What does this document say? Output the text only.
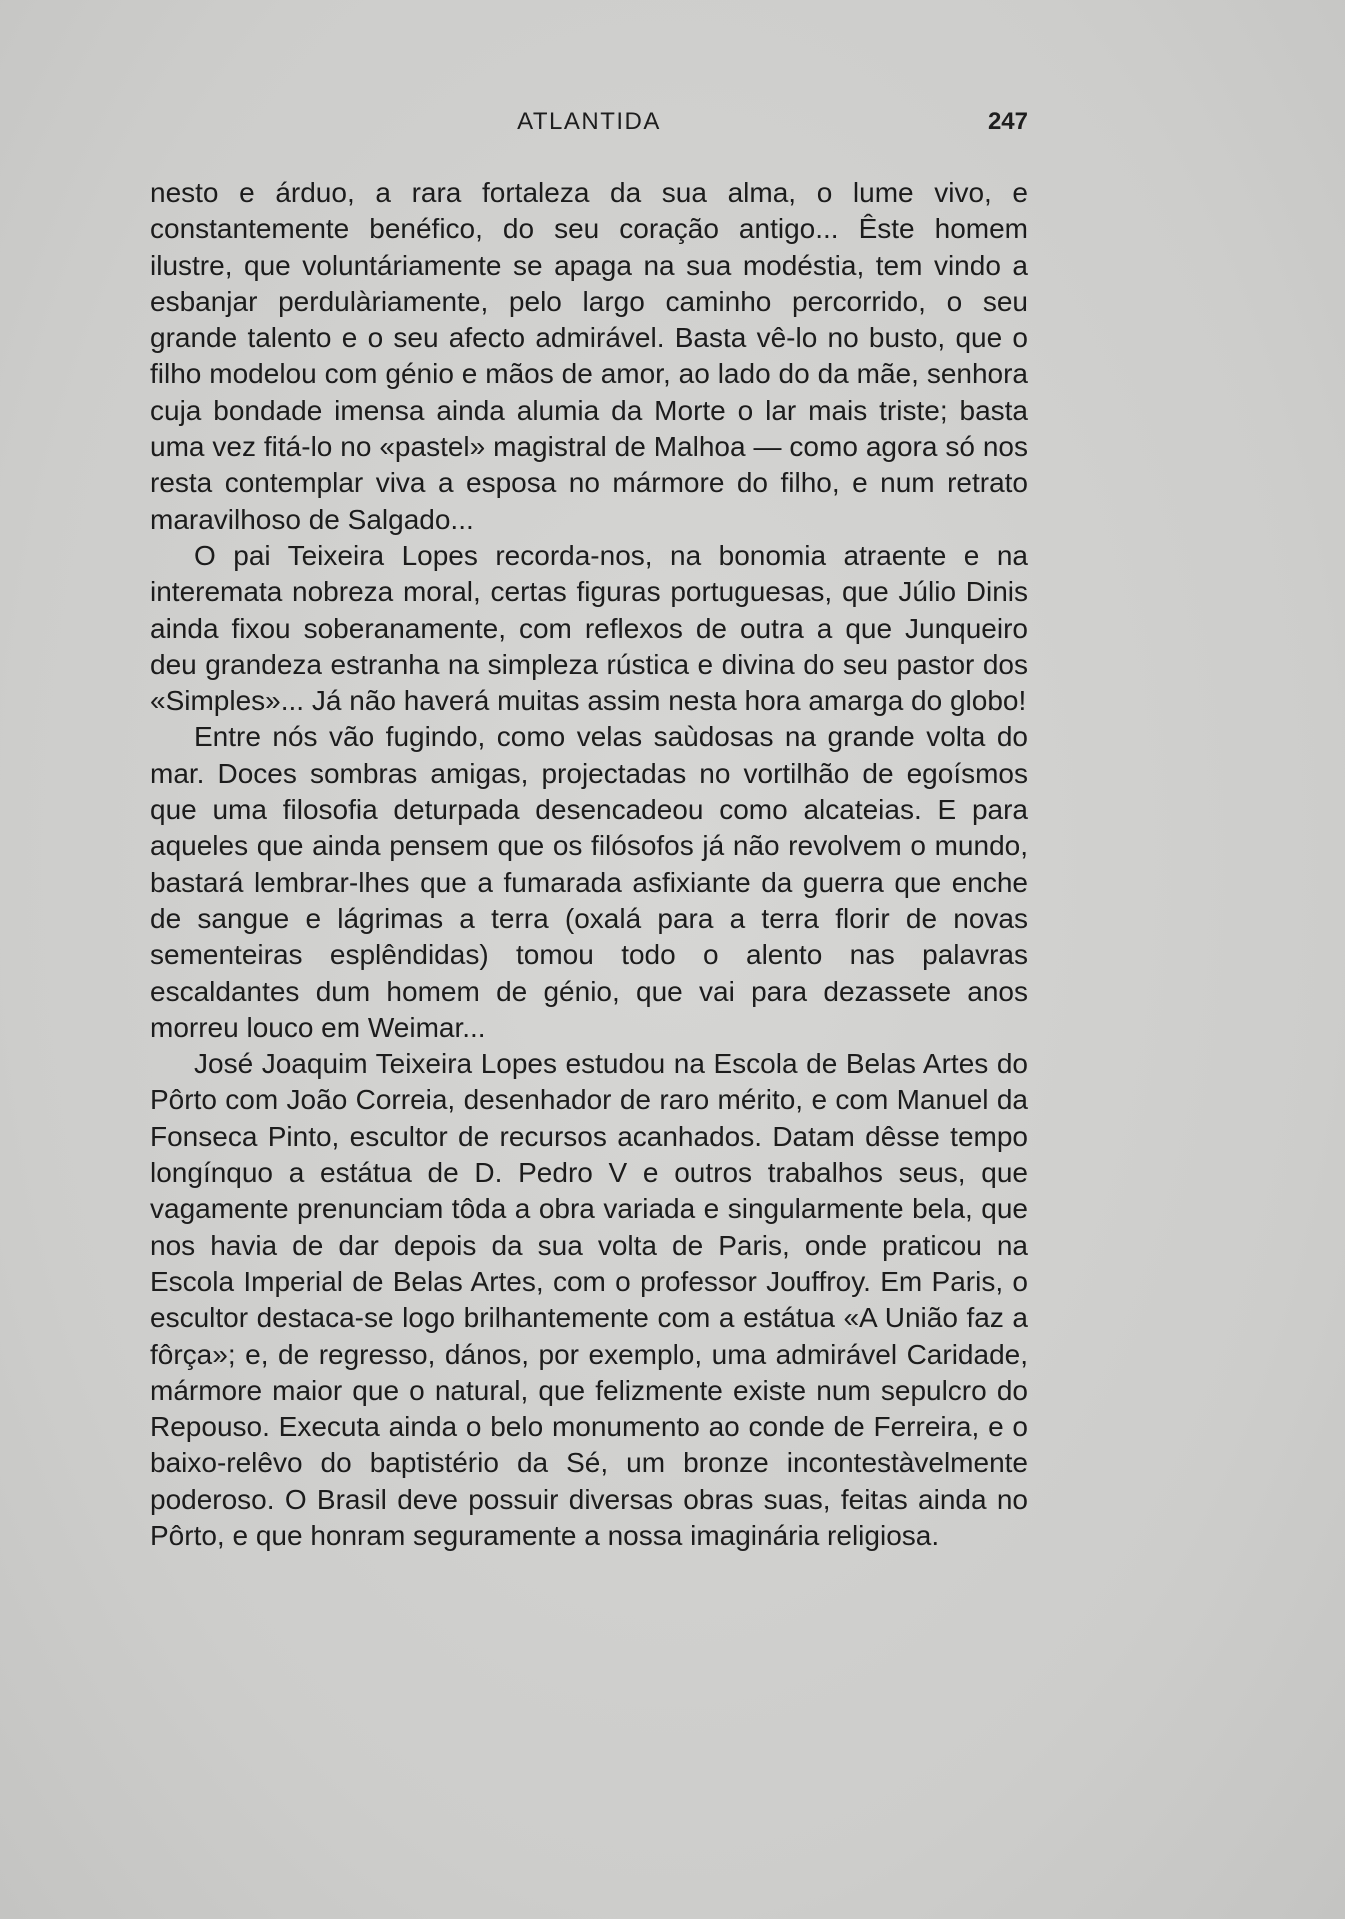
ATLANTIDA	247

nesto e árduo, a rara fortaleza da sua alma, o lume vivo, e constantemente benéfico, do seu coração antigo... Êste homem ilustre, que voluntáriamente se apaga na sua modéstia, tem vindo a esbanjar perdulàriamente, pelo largo caminho percorrido, o seu grande talento e o seu afecto admirável. Basta vê-lo no busto, que o filho modelou com génio e mãos de amor, ao lado do da mãe, senhora cuja bondade imensa ainda alumia da Morte o lar mais triste; basta uma vez fitá-lo no «pastel» magistral de Malhoa — como agora só nos resta contemplar viva a esposa no mármore do filho, e num retrato maravilhoso de Salgado...

O pai Teixeira Lopes recorda-nos, na bonomia atraente e na interemata nobreza moral, certas figuras portuguesas, que Júlio Dinis ainda fixou soberanamente, com reflexos de outra a que Junqueiro deu grandeza estranha na simpleza rústica e divina do seu pastor dos «Simples»... Já não haverá muitas assim nesta hora amarga do globo!

Entre nós vão fugindo, como velas saùdosas na grande volta do mar. Doces sombras amigas, projectadas no vortilhão de egoísmos que uma filosofia deturpada desencadeou como alcateias. E para aqueles que ainda pensem que os filósofos já não revolvem o mundo, bastará lembrar-lhes que a fumarada asfixiante da guerra que enche de sangue e lágrimas a terra (oxalá para a terra florir de novas sementeiras esplêndidas) tomou todo o alento nas palavras escaldantes dum homem de génio, que vai para dezassete anos morreu louco em Weimar...

José Joaquim Teixeira Lopes estudou na Escola de Belas Artes do Pôrto com João Correia, desenhador de raro mérito, e com Manuel da Fonseca Pinto, escultor de recursos acanhados. Datam dêsse tempo longínquo a estátua de D. Pedro V e outros trabalhos seus, que vagamente prenunciam tôda a obra variada e singularmente bela, que nos havia de dar depois da sua volta de Paris, onde praticou na Escola Imperial de Belas Artes, com o professor Jouffroy. Em Paris, o escultor destaca-se logo brilhantemente com a estátua «A União faz a fôrça»; e, de regresso, dános, por exemplo, uma admirável Caridade, mármore maior que o natural, que felizmente existe num sepulcro do Repouso. Executa ainda o belo monumento ao conde de Ferreira, e o baixo-relêvo do baptistério da Sé, um bronze incontestàvelmente poderoso. O Brasil deve possuir diversas obras suas, feitas ainda no Pôrto, e que honram seguramente a nossa imaginária religiosa.
